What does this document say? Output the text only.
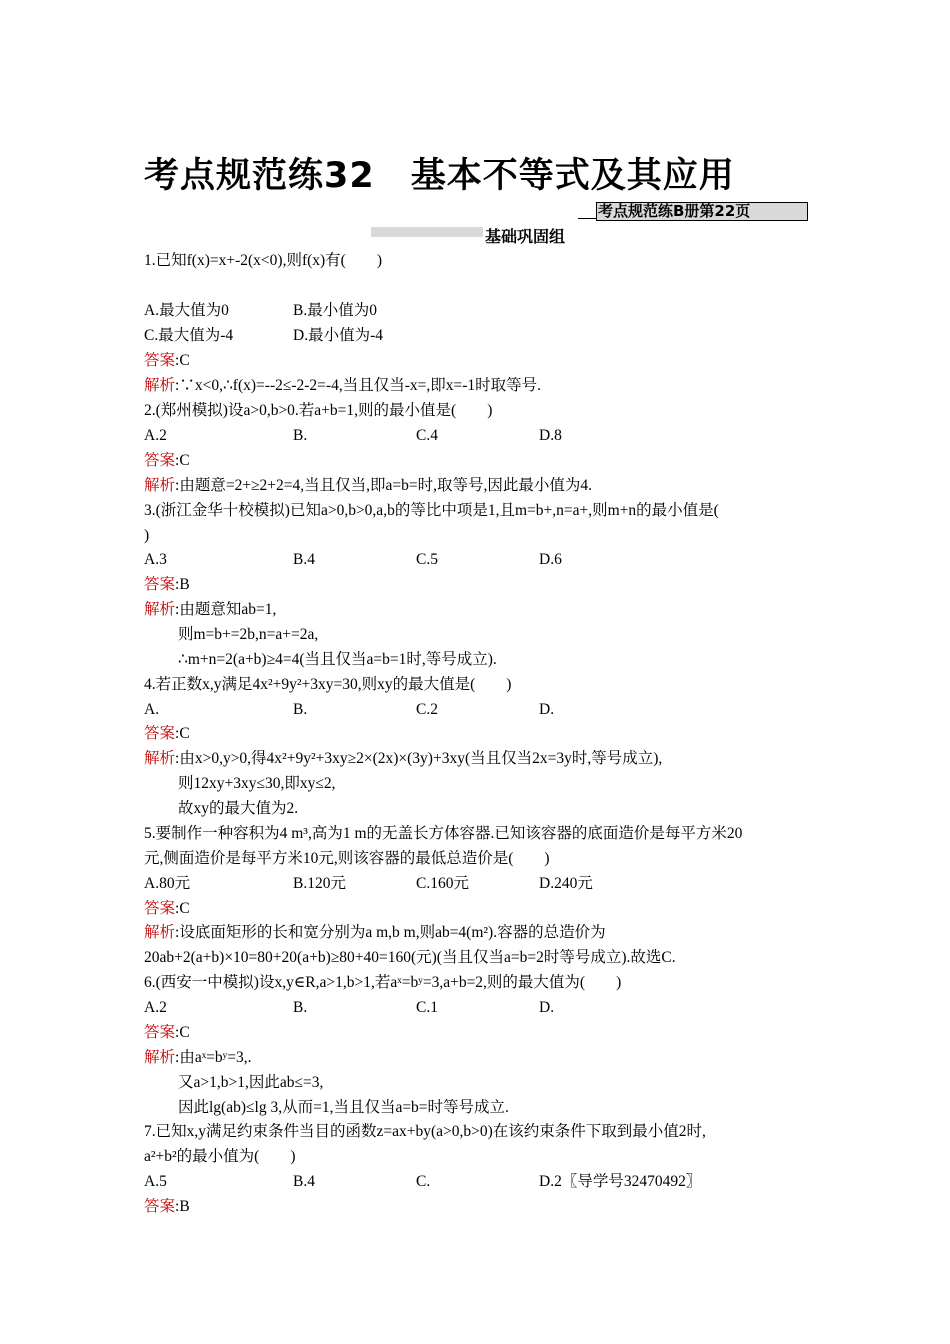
考点规范练32 基本不等式及其应用
考点规范练B册第22页
基础巩固组
1.已知f(x)=x+-2(x<0),则f(x)有(　　)
A.最大值为0	B.最小值为0
C.最大值为-4	D.最小值为-4
答案:C
解析:∵x<0,∴f(x)=--2≤-2-2=-4,当且仅当-x=,即x=-1时取等号.
2.(郑州模拟)设a>0,b>0.若a+b=1,则的最小值是(　　)
A.2	B.	C.4	D.8
答案:C
解析:由题意=2+≥2+2=4,当且仅当,即a=b=时,取等号,因此最小值为4.
3.(浙江金华十校模拟)已知a>0,b>0,a,b的等比中项是1,且m=b+,n=a+,则m+n的最小值是(
)
A.3	B.4	C.5	D.6
答案:B
解析:由题意知ab=1,
则m=b+=2b,n=a+=2a,
∴m+n=2(a+b)≥4=4(当且仅当a=b=1时,等号成立).
4.若正数x,y满足4x²+9y²+3xy=30,则xy的最大值是(　　)
A.	B.	C.2	D.
答案:C
解析:由x>0,y>0,得4x²+9y²+3xy≥2×(2x)×(3y)+3xy(当且仅当2x=3y时,等号成立),
则12xy+3xy≤30,即xy≤2,
故xy的最大值为2.
5.要制作一种容积为4 m³,高为1 m的无盖长方体容器.已知该容器的底面造价是每平方米20
元,侧面造价是每平方米10元,则该容器的最低总造价是(　　)
A.80元	B.120元	C.160元	D.240元
答案:C
解析:设底面矩形的长和宽分别为a m,b m,则ab=4(m²).容器的总造价为
20ab+2(a+b)×10=80+20(a+b)≥80+40=160(元)(当且仅当a=b=2时等号成立).故选C.
6.(西安一中模拟)设x,y∈R,a>1,b>1,若aˣ=bʸ=3,a+b=2,则的最大值为(　　)
A.2	B.	C.1	D.
答案:C
解析:由aˣ=bʸ=3,.
又a>1,b>1,因此ab≤=3,
因此lg(ab)≤lg 3,从而=1,当且仅当a=b=时等号成立.
7.已知x,y满足约束条件当目的函数z=ax+by(a>0,b>0)在该约束条件下取到最小值2时,
a²+b²的最小值为(　　)
A.5	B.4	C.	D.2〖导学号32470492〗
答案:B
